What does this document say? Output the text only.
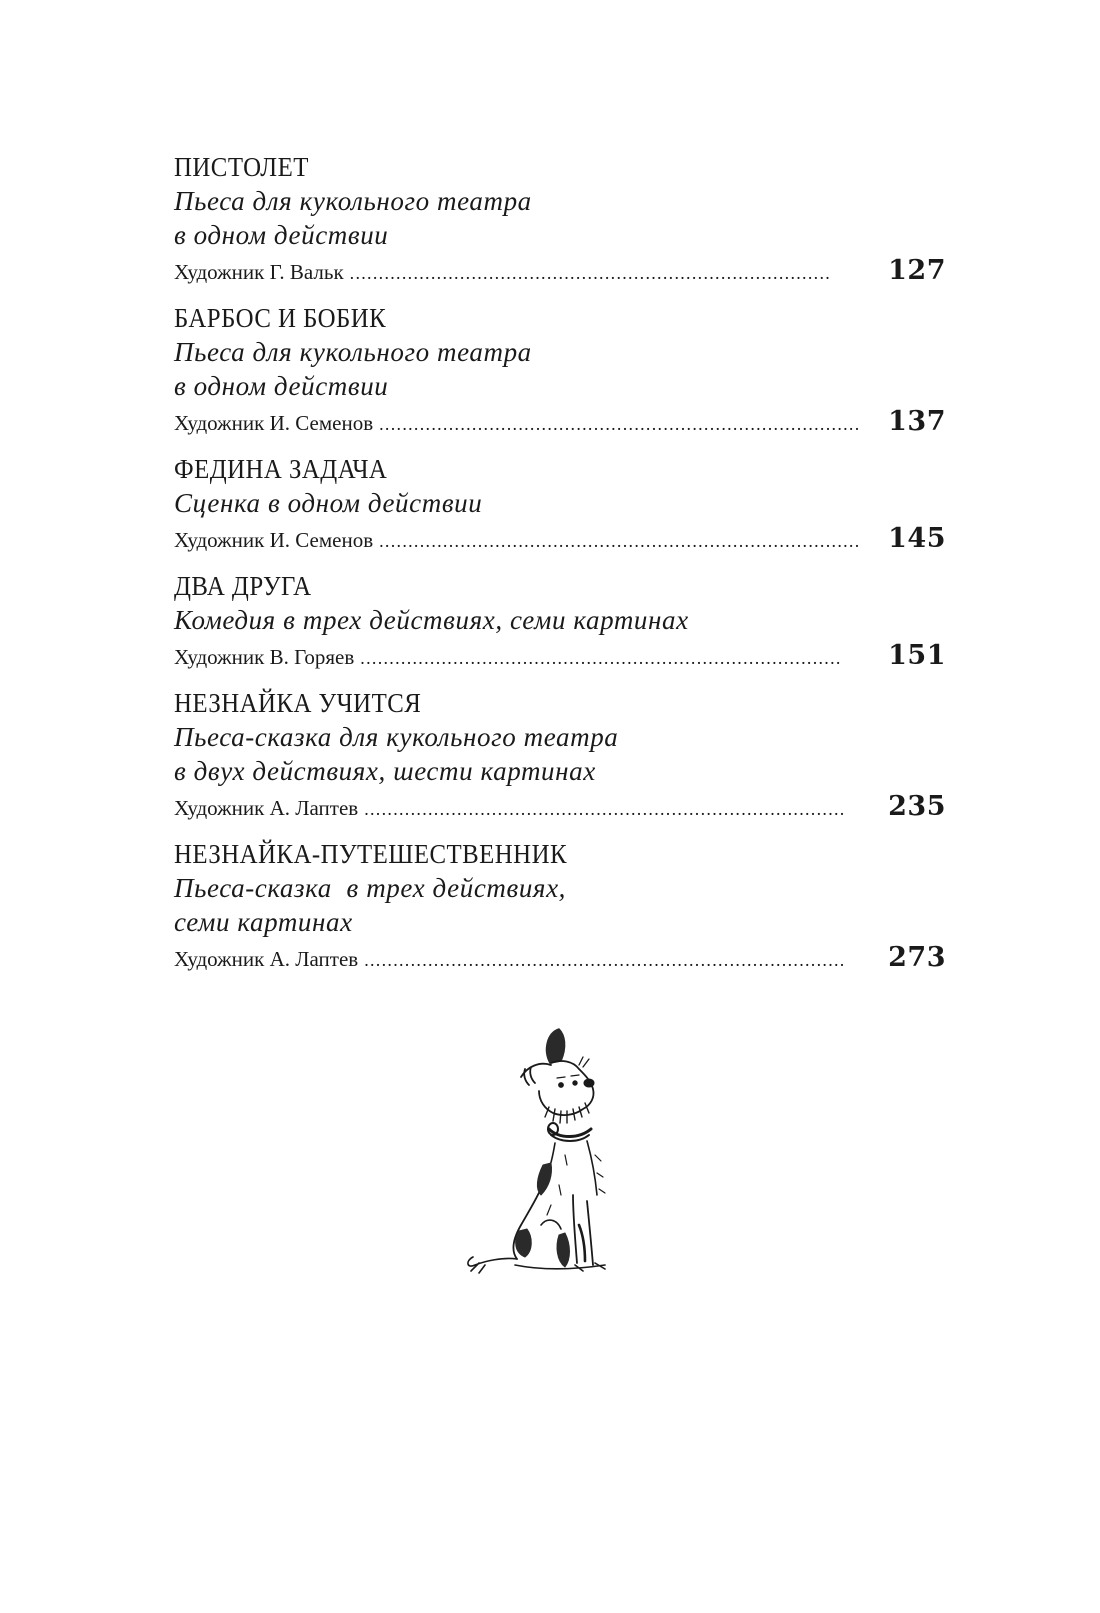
ПИСТОЛЕТ
Пьеса для кукольного театра
в одном действии
Художник Г. Вальк . . .	127
БАРБОС И БОБИК
Пьеса для кукольного театра
в одном действии
Художник И. Семенов . . .	137
ФЕДИНА ЗАДАЧА
Сценка в одном действии
Художник И. Семенов . . .	145
ДВА ДРУГА
Комедия в трех действиях, семи картинах
Художник В. Горяев . . .	151
НЕЗНАЙКА УЧИТСЯ
Пьеса-сказка для кукольного театра
в двух действиях, шести картинах
Художник А. Лаптев . . .	235
НЕЗНАЙКА-ПУТЕШЕСТВЕННИК
Пьеса-сказка  в трех действиях,
семи картинах
Художник А. Лаптев . . .	273
